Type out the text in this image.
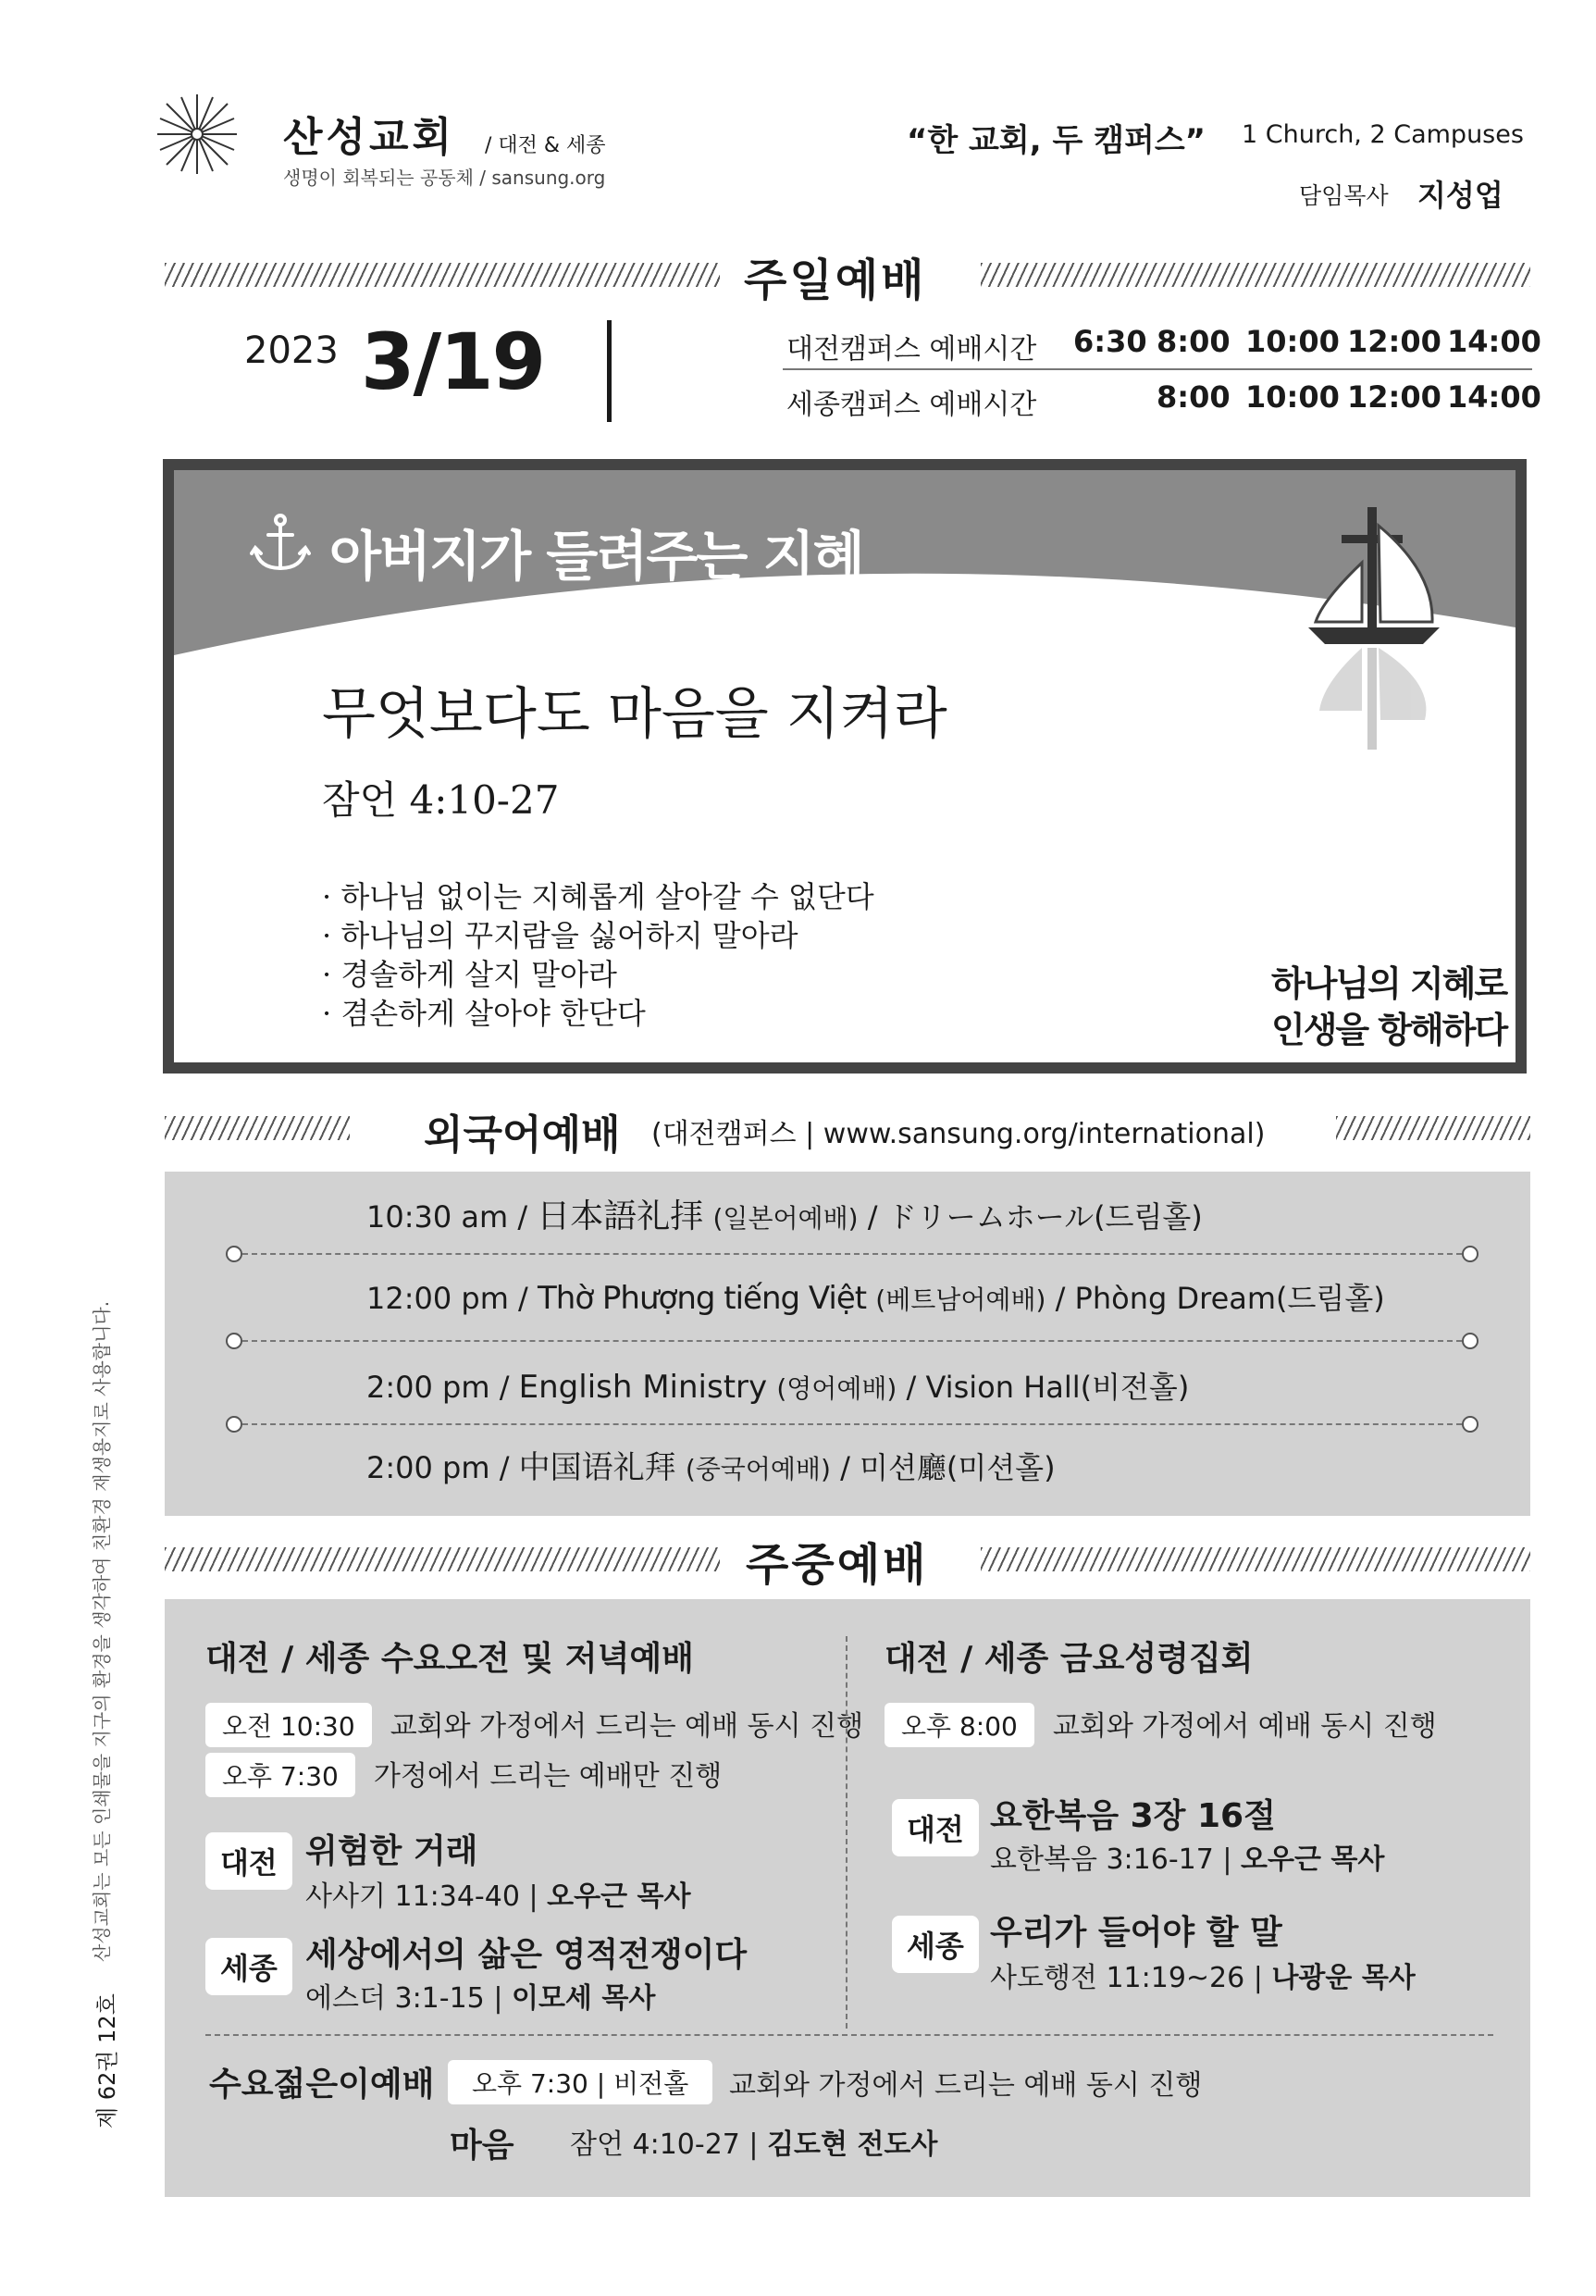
산성교회 / 대전 & 세종
생명이 회복되는 공동체 / sansung.org
“한 교회, 두 캠퍼스” 1 Church, 2 Campuses
담임목사 지성업
주일예배
2023 3/19	대전캠퍼스 예배시간 6:30 8:00 10:00 12:00 14:00
세종캠퍼스 예배시간	8:00 10:00 12:00 14:00
아버지가 들려주는 지혜
무엇보다도 마음을 지켜라
잠언 4:10-27
· 하나님 없이는 지혜롭게 살아갈 수 없단다
· 하나님의 꾸지람을 싫어하지 말아라
· 경솔하게 살지 말아라
· 겸손하게 살아야 한단다
하나님의 지혜로
인생을 항해하다
외국어예배 (대전캠퍼스 | www.sansung.org/international)
10:30 am / 日本語礼拝 (일본어예배) / ドリームホール(드림홀)
12:00 pm / Thờ Phượng tiếng Việt (베트남어예배) / Phòng Dream(드림홀)
2:00 pm / English Ministry (영어예배) / Vision Hall(비전홀)
2:00 pm / 中国语礼拜 (중국어예배) / 미션廳(미션홀)
주중예배
대전 / 세종 수요오전 및 저녁예배
오전 10:30 교회와 가정에서 드리는 예배 동시 진행
오후 7:30 가정에서 드리는 예배만 진행
대전 위험한 거래
사사기 11:34-40 | 오우근 목사
세종 세상에서의 삶은 영적전쟁이다
에스더 3:1-15 | 이모세 목사
대전 / 세종 금요성령집회
오후 8:00 교회와 가정에서 예배 동시 진행
대전 요한복음 3장 16절
요한복음 3:16-17 | 오우근 목사
세종 우리가 들어야 할 말
사도행전 11:19~26 | 나광운 목사
수요젊은이예배	오후 7:30 | 비전홀	교회와 가정에서 드리는 예배 동시 진행
마음 잠언 4:10-27 | 김도현 전도사
산성교회는 모든 인쇄물을 지구의 환경을 생각하여 친환경 재생용지로 사용합니다.
제 62권 12호
